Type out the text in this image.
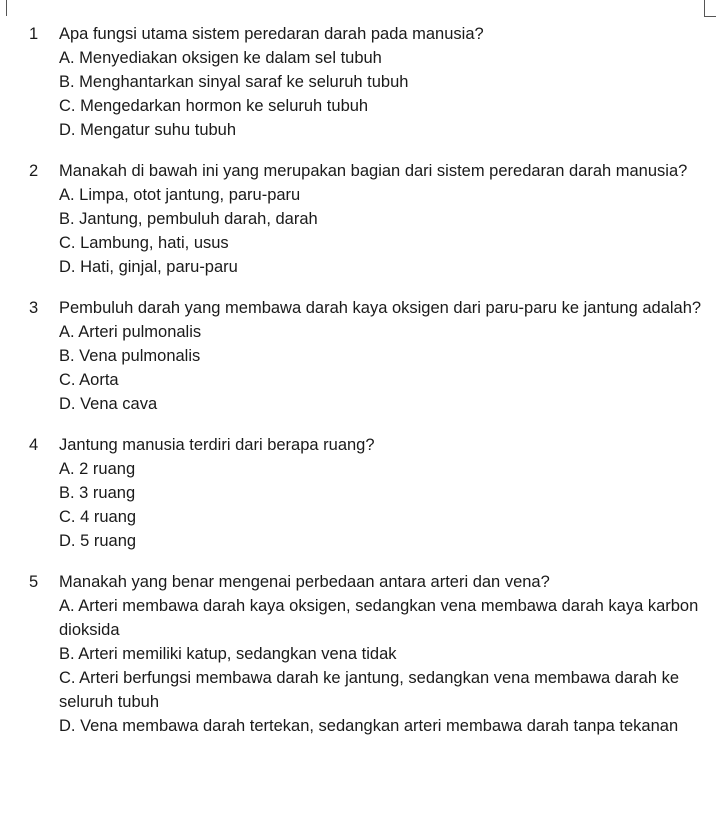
1	Apa fungsi utama sistem peredaran darah pada manusia?
A. Menyediakan oksigen ke dalam sel tubuh
B. Menghantarkan sinyal saraf ke seluruh tubuh
C. Mengedarkan hormon ke seluruh tubuh
D. Mengatur suhu tubuh
2	Manakah di bawah ini yang merupakan bagian dari sistem peredaran darah manusia?
A. Limpa, otot jantung, paru-paru
B. Jantung, pembuluh darah, darah
C. Lambung, hati, usus
D. Hati, ginjal, paru-paru
3	Pembuluh darah yang membawa darah kaya oksigen dari paru-paru ke jantung adalah?
A. Arteri pulmonalis
B. Vena pulmonalis
C. Aorta
D. Vena cava
4	Jantung manusia terdiri dari berapa ruang?
A. 2 ruang
B. 3 ruang
C. 4 ruang
D. 5 ruang
5	Manakah yang benar mengenai perbedaan antara arteri dan vena?
A. Arteri membawa darah kaya oksigen, sedangkan vena membawa darah kaya karbon dioksida
B. Arteri memiliki katup, sedangkan vena tidak
C. Arteri berfungsi membawa darah ke jantung, sedangkan vena membawa darah ke seluruh tubuh
D. Vena membawa darah tertekan, sedangkan arteri membawa darah tanpa tekanan
